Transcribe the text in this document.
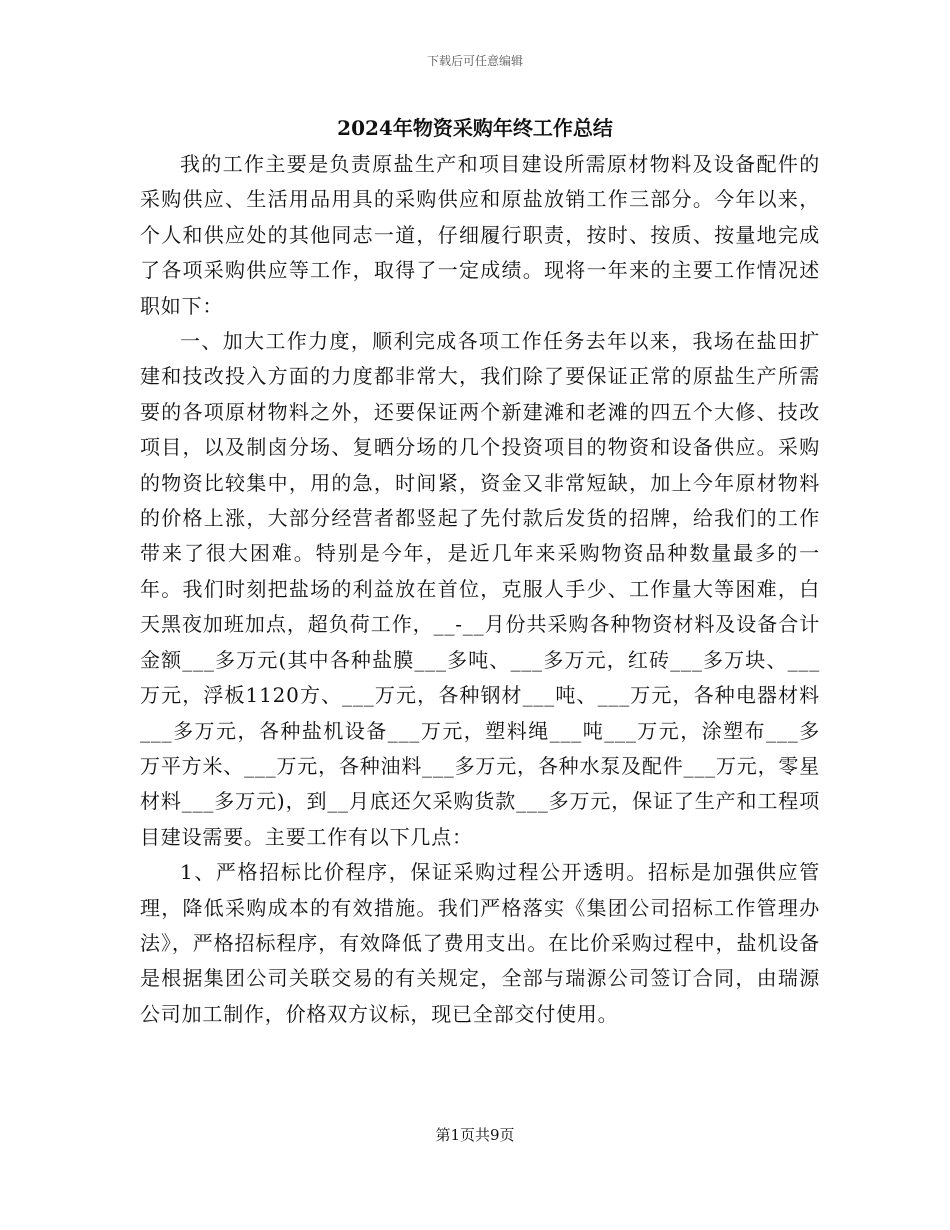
下载后可任意编辑
2024年物资采购年终工作总结

我的工作主要是负责原盐生产和项目建设所需原材物料及设备配件的采购供应、生活用品用具的采购供应和原盐放销工作三部分。今年以来，个人和供应处的其他同志一道，仔细履行职责，按时、按质、按量地完成了各项采购供应等工作，取得了一定成绩。现将一年来的主要工作情况述职如下：

一、加大工作力度，顺利完成各项工作任务去年以来，我场在盐田扩建和技改投入方面的力度都非常大，我们除了要保证正常的原盐生产所需要的各项原材物料之外，还要保证两个新建滩和老滩的四五个大修、技改项目，以及制卤分场、复晒分场的几个投资项目的物资和设备供应。采购的物资比较集中，用的急，时间紧，资金又非常短缺，加上今年原材物料的价格上涨，大部分经营者都竖起了先付款后发货的招牌，给我们的工作带来了很大困难。特别是今年，是近几年来采购物资品种数量最多的一年。我们时刻把盐场的利益放在首位，克服人手少、工作量大等困难，白天黑夜加班加点，超负荷工作，__-__月份共采购各种物资材料及设备合计金额___多万元(其中各种盐膜___多吨、___多万元，红砖___多万块、___万元，浮板1120方、___万元，各种钢材___吨、___万元，各种电器材料___多万元，各种盐机设备___万元，塑料绳___吨___万元，涂塑布___多万平方米、___万元，各种油料___多万元，各种水泵及配件___万元，零星材料___多万元)，到__月底还欠采购货款___多万元，保证了生产和工程项目建设需要。主要工作有以下几点：

1、严格招标比价程序，保证采购过程公开透明。招标是加强供应管理，降低采购成本的有效措施。我们严格落实《集团公司招标工作管理办法》，严格招标程序，有效降低了费用支出。在比价采购过程中，盐机设备是根据集团公司关联交易的有关规定，全部与瑞源公司签订合同，由瑞源公司加工制作，价格双方议标，现已全部交付使用。

第1页共9页
